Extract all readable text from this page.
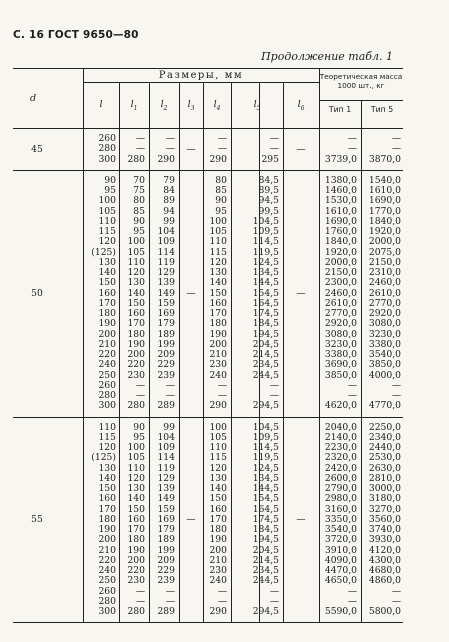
С. 16 ГОСТ 9650—80
Продолжение табл. 1
d
Размеры, мм
l	$l_1$	$l_2$	$l_3$	$l_4$	$l_5$	$l_6$
Теоретическая масса 1000 шт., кг
Тип 1	Тип 5
45	—	—
260	—	—	—	—	—	—
280	—	—	—	—	—	—
300	280	290	290	295	3739,0	3870,0
50	—	—
90	70	79	80	84,5	1380,0	1540,0
95	75	84	85	89,5	1460,0	1610,0
100	80	89	90	94,5	1530,0	1690,0
105	85	94	95	99,5	1610,0	1770,0
110	90	99	100	104,5	1690,0	1840,0
115	95	104	105	109,5	1760,0	1920,0
120	100	109	110	114,5	1840,0	2000,0
(125)	105	114	115	119,5	1920,0	2075,0
130	110	119	120	124,5	2000,0	2150,0
140	120	129	130	134,5	2150,0	2310,0
150	130	139	140	144,5	2300,0	2460,0
160	140	149	150	154,5	2460,0	2610,0
170	150	159	160	164,5	2610,0	2770,0
180	160	169	170	174,5	2770,0	2920,0
190	170	179	180	184,5	2920,0	3080,0
200	180	189	190	194,5	3080,0	3230,0
210	190	199	200	204,5	3230,0	3380,0
220	200	209	210	214,5	3380,0	3540,0
240	220	229	230	234,5	3690,0	3850,0
250	230	239	240	244,5	3850,0	4000,0
260	—	—	—	—	—	—
280	—	—	—	—	—	—
300	280	289	290	294,5	4620,0	4770,0
55	—	—
110	90	99	100	104,5	2040,0	2250,0
115	95	104	105	109,5	2140,0	2340,0
120	100	109	110	114,5	2230,0	2440,0
(125)	105	114	115	119,5	2320,0	2530,0
130	110	119	120	124,5	2420,0	2630,0
140	120	129	130	134,5	2600,0	2810,0
150	130	139	140	144,5	2790,0	3000,0
160	140	149	150	154,5	2980,0	3180,0
170	150	159	160	164,5	3160,0	3270,0
180	160	169	170	174,5	3350,0	3560,0
190	170	179	180	184,5	3540,0	3740,0
200	180	189	190	194,5	3720,0	3930,0
210	190	199	200	204,5	3910,0	4120,0
220	200	209	210	214,5	4090,0	4300,0
240	220	229	230	234,5	4470,0	4680,0
250	230	239	240	244,5	4650,0	4860,0
260	—	—	—	—	—	—
280	—	—	—	—	—	—
300	280	289	290	294,5	5590,0	5800,0
